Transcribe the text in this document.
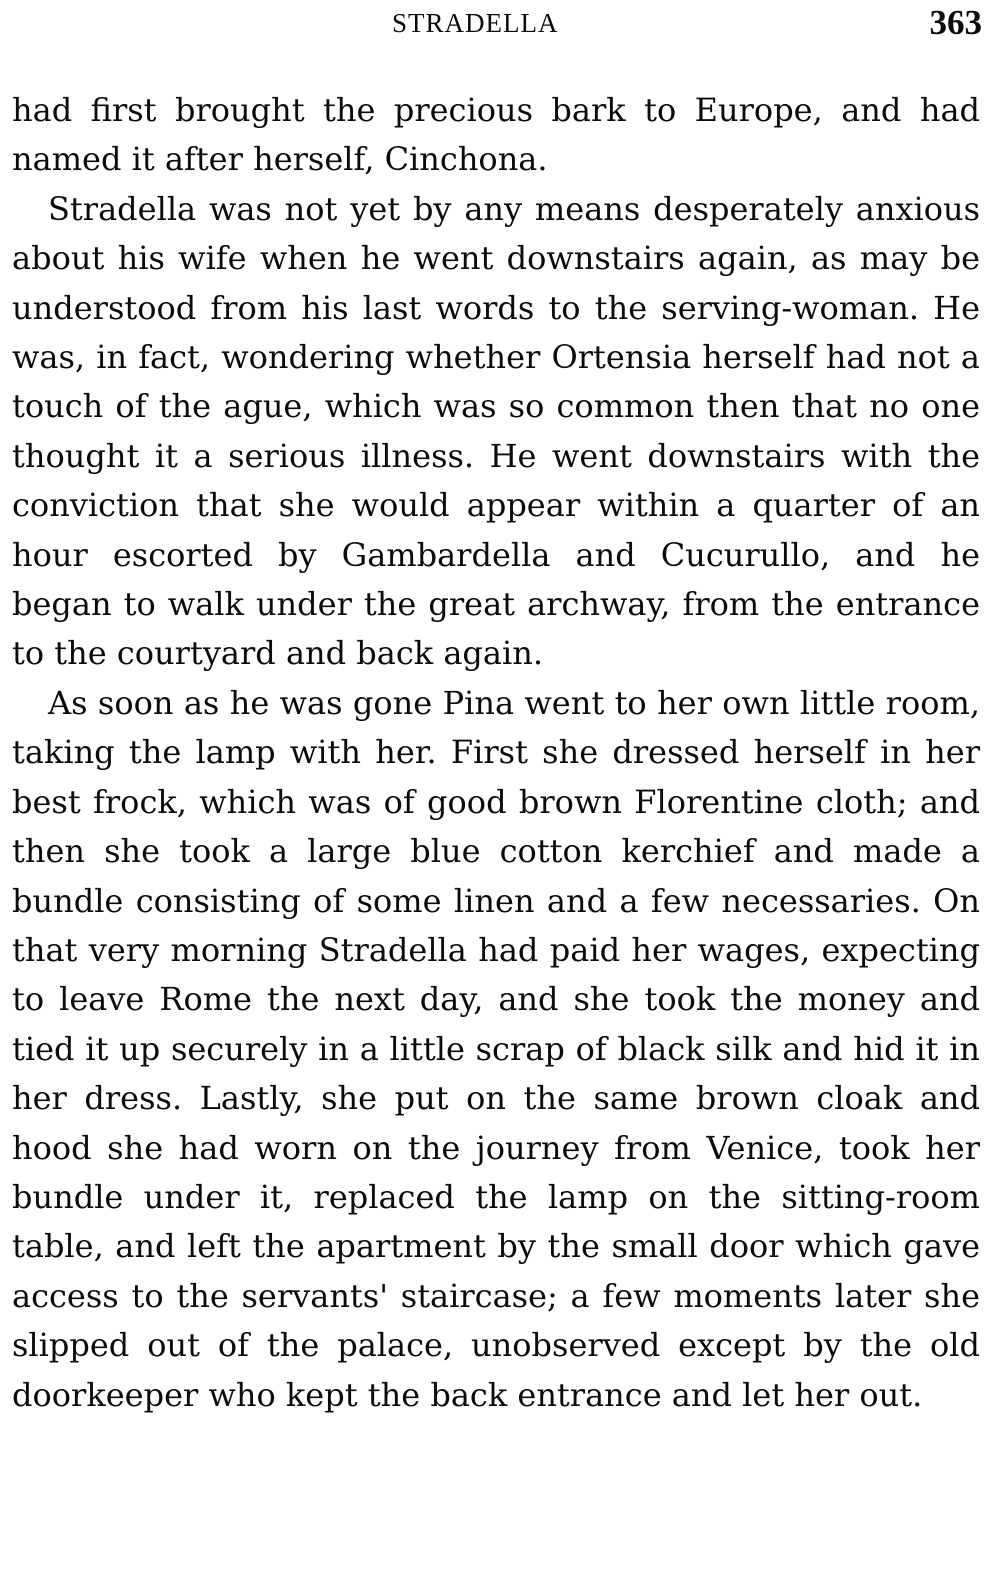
STRADELLA	363

had first brought the precious bark to Europe, and had named it after herself, Cinchona.

Stradella was not yet by any means desperately anxious about his wife when he went downstairs again, as may be understood from his last words to the serving-woman. He was, in fact, wondering whether Ortensia herself had not a touch of the ague, which was so common then that no one thought it a serious illness. He went downstairs with the conviction that she would appear within a quarter of an hour escorted by Gambardella and Cucurullo, and he began to walk under the great archway, from the entrance to the courtyard and back again.

As soon as he was gone Pina went to her own little room, taking the lamp with her. First she dressed herself in her best frock, which was of good brown Florentine cloth; and then she took a large blue cotton kerchief and made a bundle consisting of some linen and a few necessaries. On that very morning Stradella had paid her wages, expecting to leave Rome the next day, and she took the money and tied it up securely in a little scrap of black silk and hid it in her dress. Lastly, she put on the same brown cloak and hood she had worn on the journey from Venice, took her bundle under it, replaced the lamp on the sitting-room table, and left the apartment by the small door which gave access to the servants' staircase; a few moments later she slipped out of the palace, unobserved except by the old doorkeeper who kept the back entrance and let her out.
